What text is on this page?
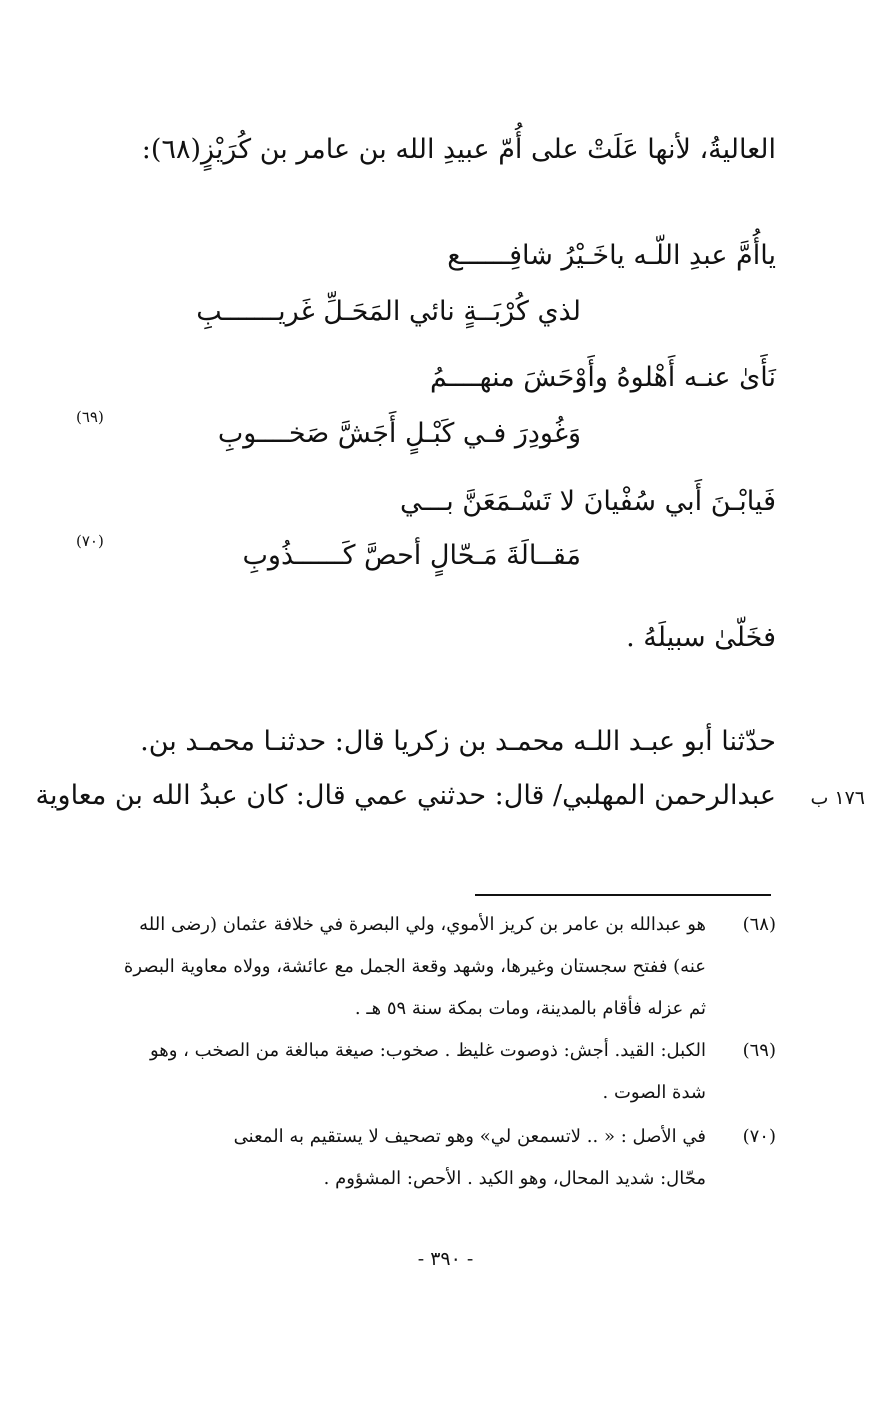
العاليةُ، لأنها عَلَتْ على أُمّ عبيدِ الله بن عامر بن كُرَيْزٍ(٦٨):
ياأُمَّ عبدِ اللّـه ياخَـيْرُ شافِــــــع
لذي كُرْبَــةٍ نائي المَحَـلِّ غَريـــــــبِ
نَأَىٰ عنـه أَهْلوهُ وأَوْحَشَ منهــــمُ
وَغُودِرَ فـي كَبْـلٍ أَجَشَّ صَخــــوبِ
(٦٩)
فَيابْـنَ أَبي سُفْيانَ لا تَسْـمَعَنَّ بـــي
مَقــالَةَ مَـحّالٍ أحصَّ كَــــــذُوبِ
(٧٠)
فخَلّىٰ سبيلَهُ .
حدّثنا أبو عبـد اللـه محمـد بن زكريا قال: حدثنـا محمـد بن.
عبدالرحمن المهلبي/ قال: حدثني عمي قال: كان عبدُ الله بن معاوية ١٧٦ ب
(٦٨)
هو عبدالله بن عامر بن كريز الأموي، ولي البصرة في خلافة عثمان (رضى الله
عنه) ففتح سجستان وغيرها، وشهد وقعة الجمل مع عائشة، وولاه معاوية البصرة
ثم عزله فأقام بالمدينة، ومات بمكة سنة ٥٩ هـ .
(٦٩)
الكبل: القيد. أجش: ذوصوت غليظ . صخوب: صيغة مبالغة من الصخب ، وهو
شدة الصوت .
(٧٠)
في الأصل : « .. لاتسمعن لي» وهو تصحيف لا يستقيم به المعنى
محّال: شديد المحال، وهو الكيد . الأحص: المشؤوم .
- ٣٩٠ -
